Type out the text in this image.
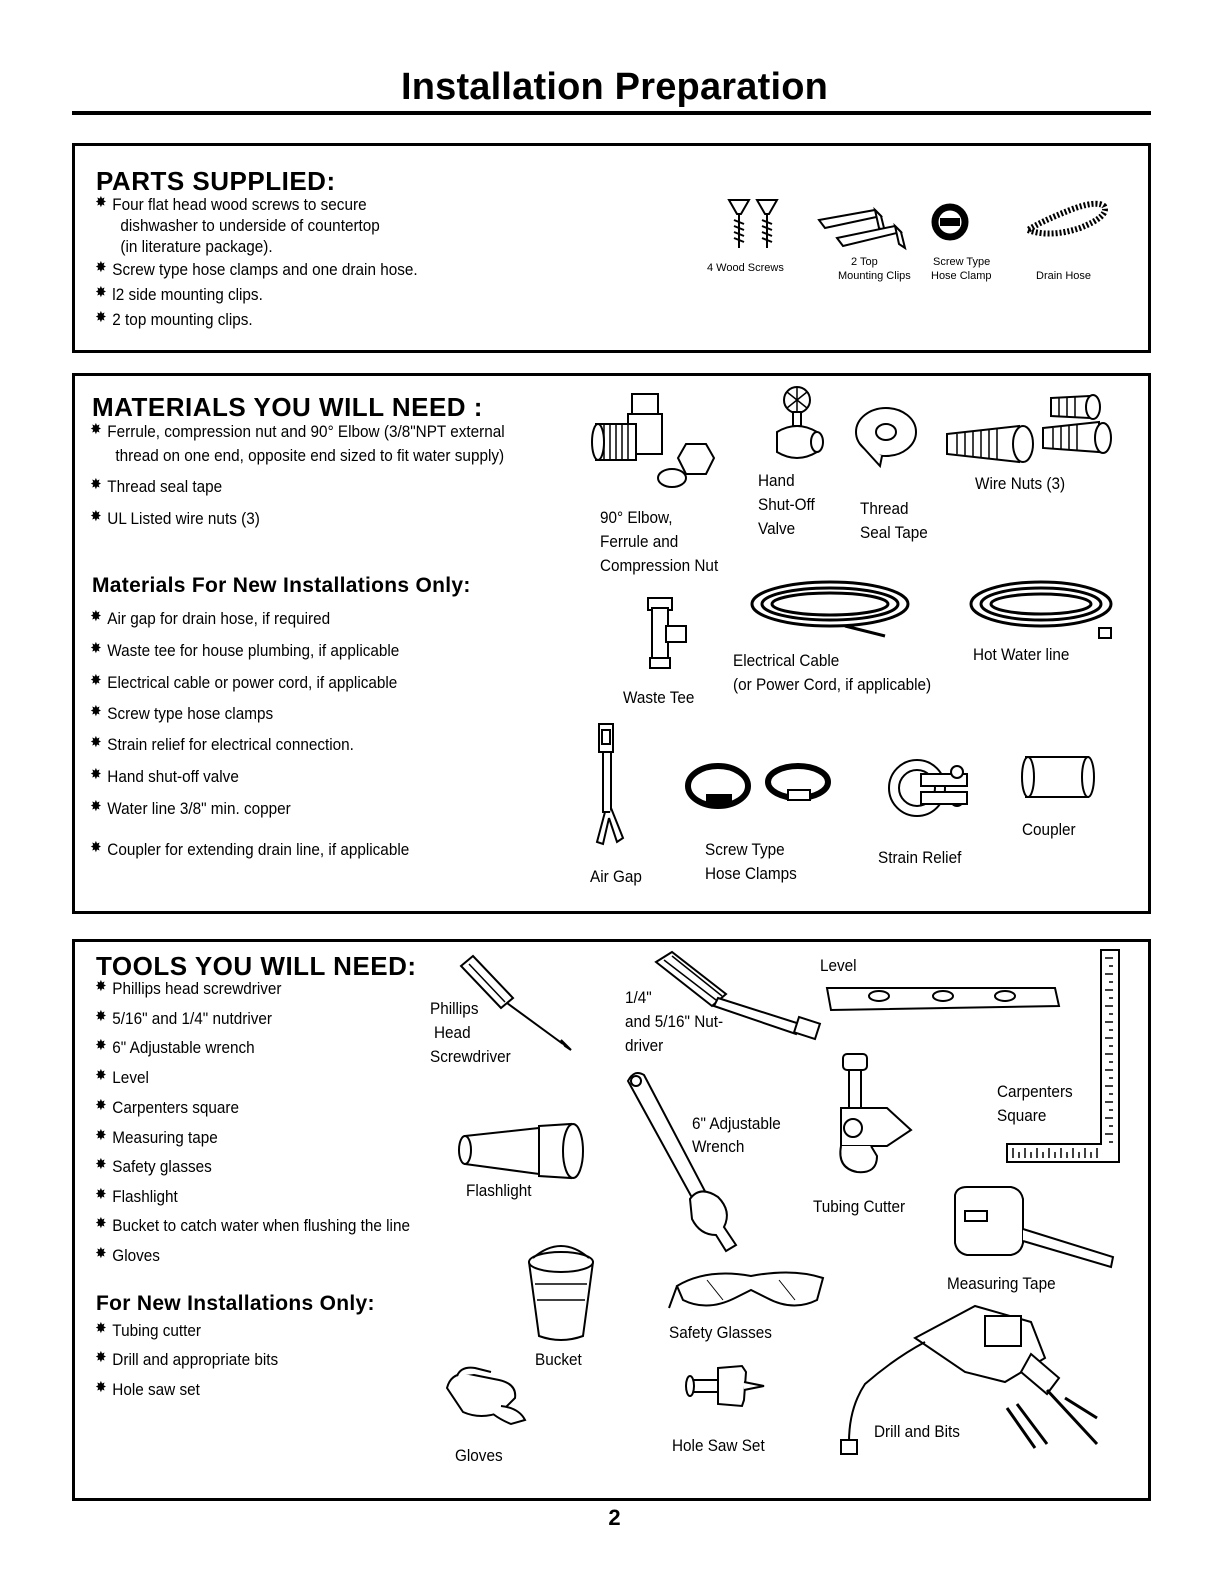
Installation Preparation
PARTS SUPPLIED:
✸Four flat head wood screws to secure
dishwasher to underside of countertop
(in literature package).
✸Screw type hose clamps and one drain hose.
✸l2 side mounting clips.
✸2 top mounting clips.
4 Wood Screws	2 Top
Mounting Clips
Screw Type
Hose Clamp	Drain Hose
MATERIALS YOU WILL NEED :
✸Ferrule, compression nut and 90° Elbow (3/8"NPT external
thread on one end, opposite end sized to fit water supply)
✸Thread seal tape
✸UL Listed wire nuts (3)
Materials For New Installations Only:
✸Air gap for drain hose, if required
✸Waste tee for house plumbing, if applicable
✸Electrical cable or power cord, if applicable
✸Screw type hose clamps
✸Strain relief for electrical connection.
✸Hand shut-off valve
✸Water line 3/8" min. copper
✸Coupler for extending drain line, if applicable
90° Elbow,
Ferrule and
Compression Nut
Hand
Shut-Off
Valve
Thread
Seal Tape
Wire Nuts (3)
Waste Tee
Electrical Cable
(or Power Cord, if applicable)
Hot Water line
Air Gap
Screw Type
Hose Clamps
Strain Relief
Coupler
TOOLS YOU WILL NEED:
✸Phillips head screwdriver
✸5/16" and 1/4" nutdriver
✸6" Adjustable wrench
✸Level
✸Carpenters square
✸Measuring tape
✸Safety glasses
✸Flashlight
✸Bucket to catch water when flushing the line
✸Gloves
For New Installations Only:
✸Tubing cutter
✸Drill and appropriate bits
✸Hole saw set
Phillips
Head
Screwdriver
1/4"
and 5/16" Nut-
driver
Level
Carpenters
Square
6" Adjustable
Wrench
Flashlight
Tubing Cutter
Measuring Tape
Bucket
Safety Glasses
Gloves
Hole Saw Set
Drill and Bits
2
